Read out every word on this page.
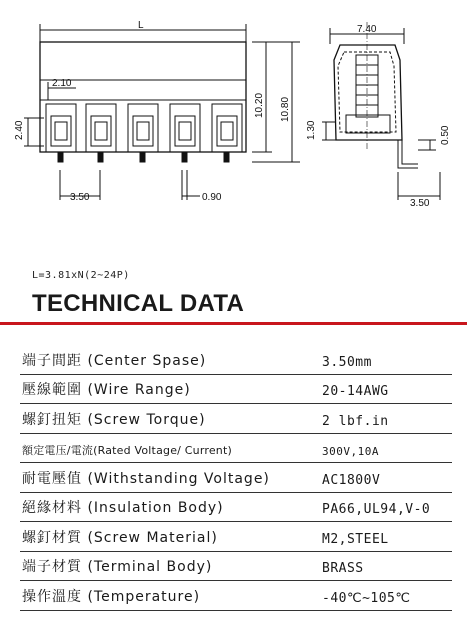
L
2.10
2.40
3.50	0.90
10.20 10.80
7.40
1.30	0.50
3.50
L=3.81xN(2~24P)
TECHNICAL DATA
端子間距 (Center Spase)	3.50mm
壓線範圍 (Wire Range)	20-14AWG
螺釘扭矩 (Screw Torque)	2 lbf.in
額定電压/電流(Rated Voltage/ Current)	300V,10A
耐電壓值 (Withstanding Voltage)	AC1800V
絕緣材料 (Insulation Body)	PA66,UL94,V-0
螺釘材質 (Screw Material)	M2,STEEL
端子材質 (Terminal Body)	BRASS
操作溫度 (Temperature)	-40℃~105℃
